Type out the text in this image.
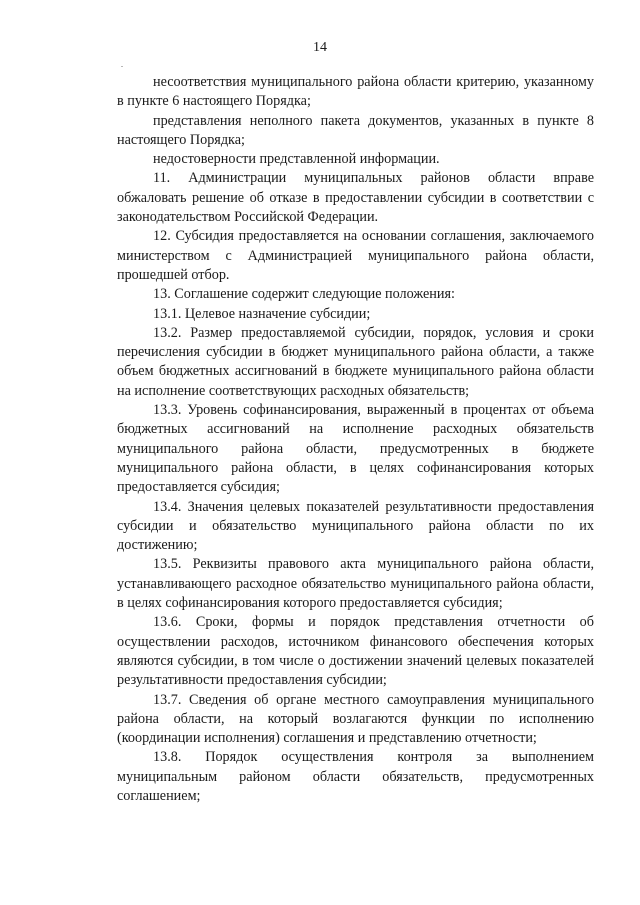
14
.

несоответствия муниципального района области критерию, указанному в пункте 6 настоящего Порядка;

представления неполного пакета документов, указанных в пункте 8 настоящего Порядка;

недостоверности представленной информации.

11. Администрации муниципальных районов области вправе обжаловать решение об отказе в предоставлении субсидии в соответствии с законодательством Российской Федерации.

12. Субсидия предоставляется на основании соглашения, заключаемого министерством с Администрацией муниципального района области, прошедшей отбор.

13. Соглашение содержит следующие положения:

13.1. Целевое назначение субсидии;

13.2. Размер предоставляемой субсидии, порядок, условия и сроки перечисления субсидии в бюджет муниципального района области, а также объем бюджетных ассигнований в бюджете муниципального района области на исполнение соответствующих расходных обязательств;

13.3. Уровень софинансирования, выраженный в процентах от объема бюджетных ассигнований на исполнение расходных обязательств муниципального района области, предусмотренных в бюджете муниципального района области, в целях софинансирования которых предоставляется субсидия;

13.4. Значения целевых показателей результативности предоставления субсидии и обязательство муниципального района области по их достижению;

13.5. Реквизиты правового акта муниципального района области, устанавливающего расходное обязательство муниципального района области, в целях софинансирования которого предоставляется субсидия;

13.6. Сроки, формы и порядок представления отчетности об осуществлении расходов, источником финансового обеспечения которых являются субсидии, в том числе о достижении значений целевых показателей результативности предоставления субсидии;

13.7. Сведения об органе местного самоуправления муниципального района области, на который возлагаются функции по исполнению (координации исполнения) соглашения и представлению отчетности;

13.8. Порядок осуществления контроля за выполнением муниципальным районом области обязательств, предусмотренных соглашением;
